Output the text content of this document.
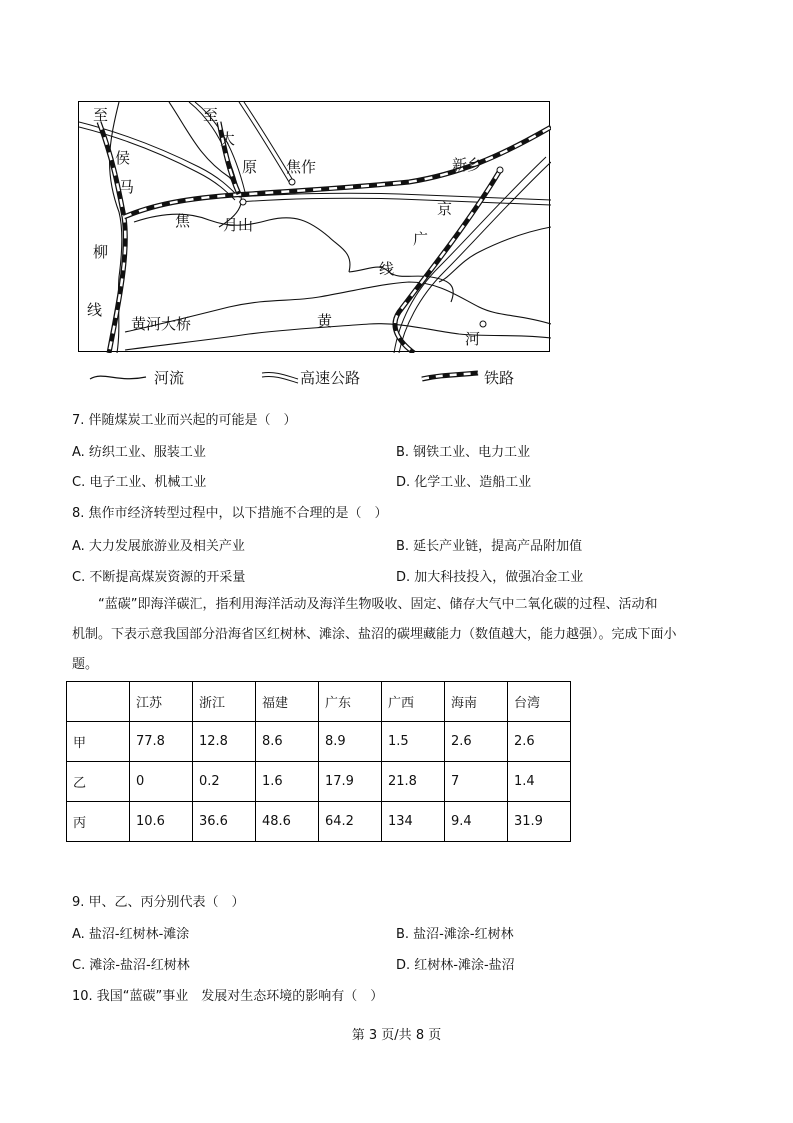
至
侯
马
柳
线
至
太
原 焦作
焦 月山
新乡
京
广
线
黄河大桥	黄
河
河流	高速公路	铁路
7. 伴随煤炭工业而兴起的可能是（　）
A. 纺织工业、服装工业	B. 钢铁工业、电力工业
C. 电子工业、机械工业	D. 化学工业、造船工业
8. 焦作市经济转型过程中，以下措施不合理的是（　）
A. 大力发展旅游业及相关产业	B. 延长产业链，提高产品附加值
C. 不断提高煤炭资源的开采量	D. 加大科技投入，做强冶金工业
“蓝碳”即海洋碳汇，指利用海洋活动及海洋生物吸收、固定、储存大气中二氧化碳的过程、活动和
机制。下表示意我国部分沿海省区红树林、滩涂、盐沼的碳埋藏能力（数值越大，能力越强）。完成下面小
题。
	江苏	浙江	福建	广东	广西	海南	台湾
甲	77.8	12.8	8.6	8.9	1.5	2.6	2.6
乙	0	0.2	1.6	17.9	21.8	7	1.4
丙	10.6	36.6	48.6	64.2	134	9.4	31.9
9. 甲、乙、丙分别代表（　）
A. 盐沼-红树林-滩涂	B. 盐沼-滩涂-红树林
C. 滩涂-盐沼-红树林	D. 红树林-滩涂-盐沼
10. 我国“蓝碳”事业　发展对生态环境的影响有（　）
第 3 页/共 8 页
